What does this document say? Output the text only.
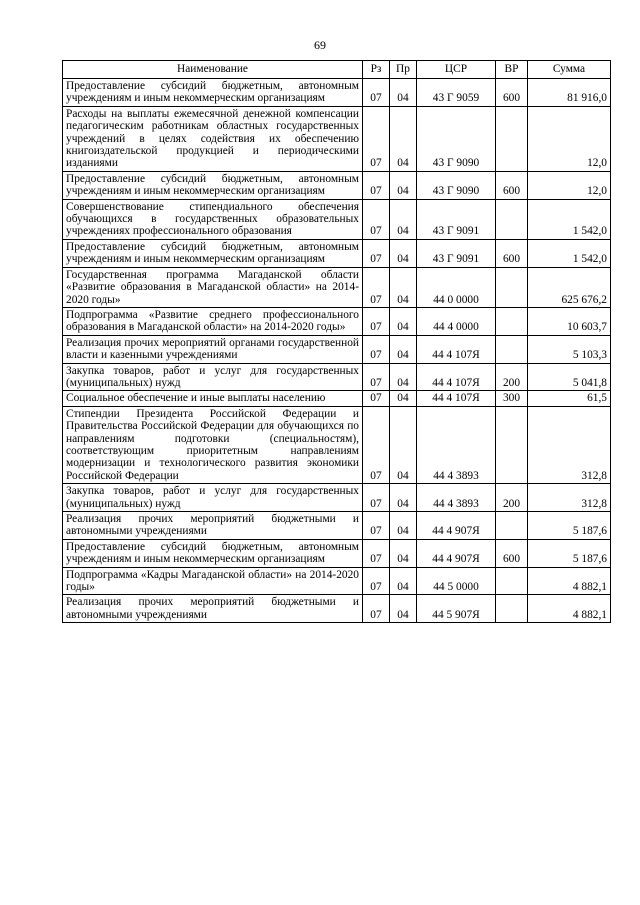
69
Наименование	Рз	Пр	ЦСР	ВР	Сумма
Предоставление субсидий бюджетным, автономным учреждениям и иным некоммерческим организациям	07	04	43 Г 9059	600	81 916,0
Расходы на выплаты ежемесячной денежной компенсации педагогическим работникам областных государственных учреждений в целях содействия их обеспечению книгоиздательской продукцией и периодическими изданиями	07	04	43 Г 9090		12,0
Предоставление субсидий бюджетным, автономным учреждениям и иным некоммерческим организациям	07	04	43 Г 9090	600	12,0
Совершенствование стипендиального обеспечения обучающихся в государственных образовательных учреждениях профессионального образования	07	04	43 Г 9091		1 542,0
Предоставление субсидий бюджетным, автономным учреждениям и иным некоммерческим организациям	07	04	43 Г 9091	600	1 542,0
Государственная программа Магаданской области «Развитие образования в Магаданской области» на 2014-2020 годы»	07	04	44 0 0000		625 676,2
Подпрограмма «Развитие среднего профессионального образования в Магаданской области» на 2014-2020 годы»	07	04	44 4 0000		10 603,7
Реализация прочих мероприятий органами государственной власти и казенными учреждениями	07	04	44 4 107Я		5 103,3
Закупка товаров, работ и услуг для государственных (муниципальных) нужд	07	04	44 4 107Я	200	5 041,8
Социальное обеспечение и иные выплаты населению	07	04	44 4 107Я	300	61,5
Стипендии Президента Российской Федерации и Правительства Российской Федерации для обучающихся по направлениям подготовки (специальностям), соответствующим приоритетным направлениям модернизации и технологического развития экономики Российской Федерации	07	04	44 4 3893		312,8
Закупка товаров, работ и услуг для государственных (муниципальных) нужд	07	04	44 4 3893	200	312,8
Реализация прочих мероприятий бюджетными и автономными учреждениями	07	04	44 4 907Я		5 187,6
Предоставление субсидий бюджетным, автономным учреждениям и иным некоммерческим организациям	07	04	44 4 907Я	600	5 187,6
Подпрограмма «Кадры Магаданской области» на 2014-2020 годы»	07	04	44 5 0000		4 882,1
Реализация прочих мероприятий бюджетными и автономными учреждениями	07	04	44 5 907Я		4 882,1
